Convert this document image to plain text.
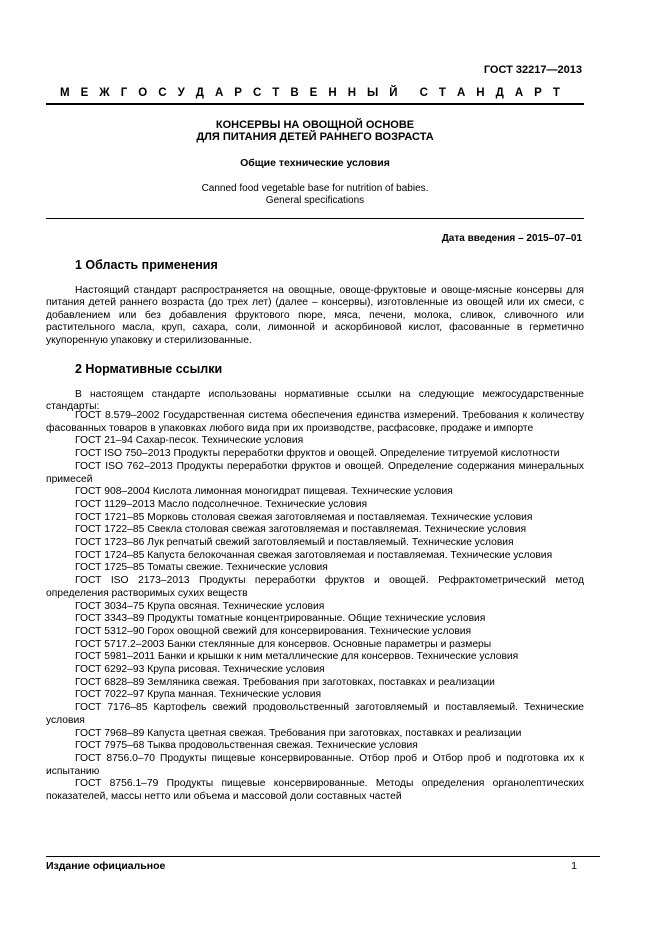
ГОСТ 32217—2013
М Е Ж Г О С У Д А Р С Т В Е Н Н Ы Й С Т А Н Д А Р Т
КОНСЕРВЫ НА ОВОЩНОЙ ОСНОВЕ
ДЛЯ ПИТАНИЯ ДЕТЕЙ РАННЕГО ВОЗРАСТА
Общие технические условия
Canned food vegetable base for nutrition of babies.
General specifications
Дата введения – 2015–07–01
1 Область применения
Настоящий стандарт распространяется на овощные, овоще-фруктовые и овоще-мясные консервы для питания детей раннего возраста (до трех лет) (далее – консервы), изготовленные из овощей или их смеси, с добавлением или без добавления фруктового пюре, мяса, печени, молока, сливок, сливочного или растительного масла, круп, сахара, соли, лимонной и аскорбиновой кислот, фасованные в герметично укупоренную упаковку и стерилизованные.
2 Нормативные ссылки
В настоящем стандарте использованы нормативные ссылки на следующие межгосударственные стандарты:
ГОСТ 8.579–2002 Государственная система обеспечения единства измерений. Требования к количеству фасованных товаров в упаковках любого вида при их производстве, расфасовке, продаже и импорте
ГОСТ 21–94 Сахар-песок. Технические условия
ГОСТ ISO 750–2013 Продукты переработки фруктов и овощей. Определение титруемой кислотности
ГОСТ ISO 762–2013 Продукты переработки фруктов и овощей. Определение содержания минеральных примесей
ГОСТ 908–2004 Кислота лимонная моногидрат пищевая. Технические условия
ГОСТ 1129–2013 Масло подсолнечное. Технические условия
ГОСТ 1721–85 Морковь столовая свежая заготовляемая и поставляемая. Технические условия
ГОСТ 1722–85 Свекла столовая свежая заготовляемая и поставляемая. Технические условия
ГОСТ 1723–86 Лук репчатый свежий заготовляемый и поставляемый. Технические условия
ГОСТ 1724–85 Капуста белокочанная свежая заготовляемая и поставляемая. Технические условия
ГОСТ 1725–85 Томаты свежие. Технические условия
ГОСТ ISO 2173–2013 Продукты переработки фруктов и овощей. Рефрактометрический метод определения растворимых сухих веществ
ГОСТ 3034–75 Крупа овсяная. Технические условия
ГОСТ 3343–89 Продукты томатные концентрированные. Общие технические условия
ГОСТ 5312–90 Горох овощной свежий для консервирования. Технические условия
ГОСТ 5717.2–2003 Банки стеклянные для консервов. Основные параметры и размеры
ГОСТ 5981–2011 Банки и крышки к ним металлические для консервов. Технические условия
ГОСТ 6292–93 Крупа рисовая. Технические условия
ГОСТ 6828–89 Земляника свежая. Требования при заготовках, поставках и реализации
ГОСТ 7022–97 Крупа манная. Технические условия
ГОСТ 7176–85 Картофель свежий продовольственный заготовляемый и поставляемый. Технические условия
ГОСТ 7968–89 Капуста цветная свежая. Требования при заготовках, поставках и реализации
ГОСТ 7975–68 Тыква продовольственная свежая. Технические условия
ГОСТ 8756.0–70 Продукты пищевые консервированные. Отбор проб и Отбор проб и подготовка их к испытанию
ГОСТ 8756.1–79 Продукты пищевые консервированные. Методы определения органолептических показателей, массы нетто или объема и массовой доли составных частей
Издание официальное	1
